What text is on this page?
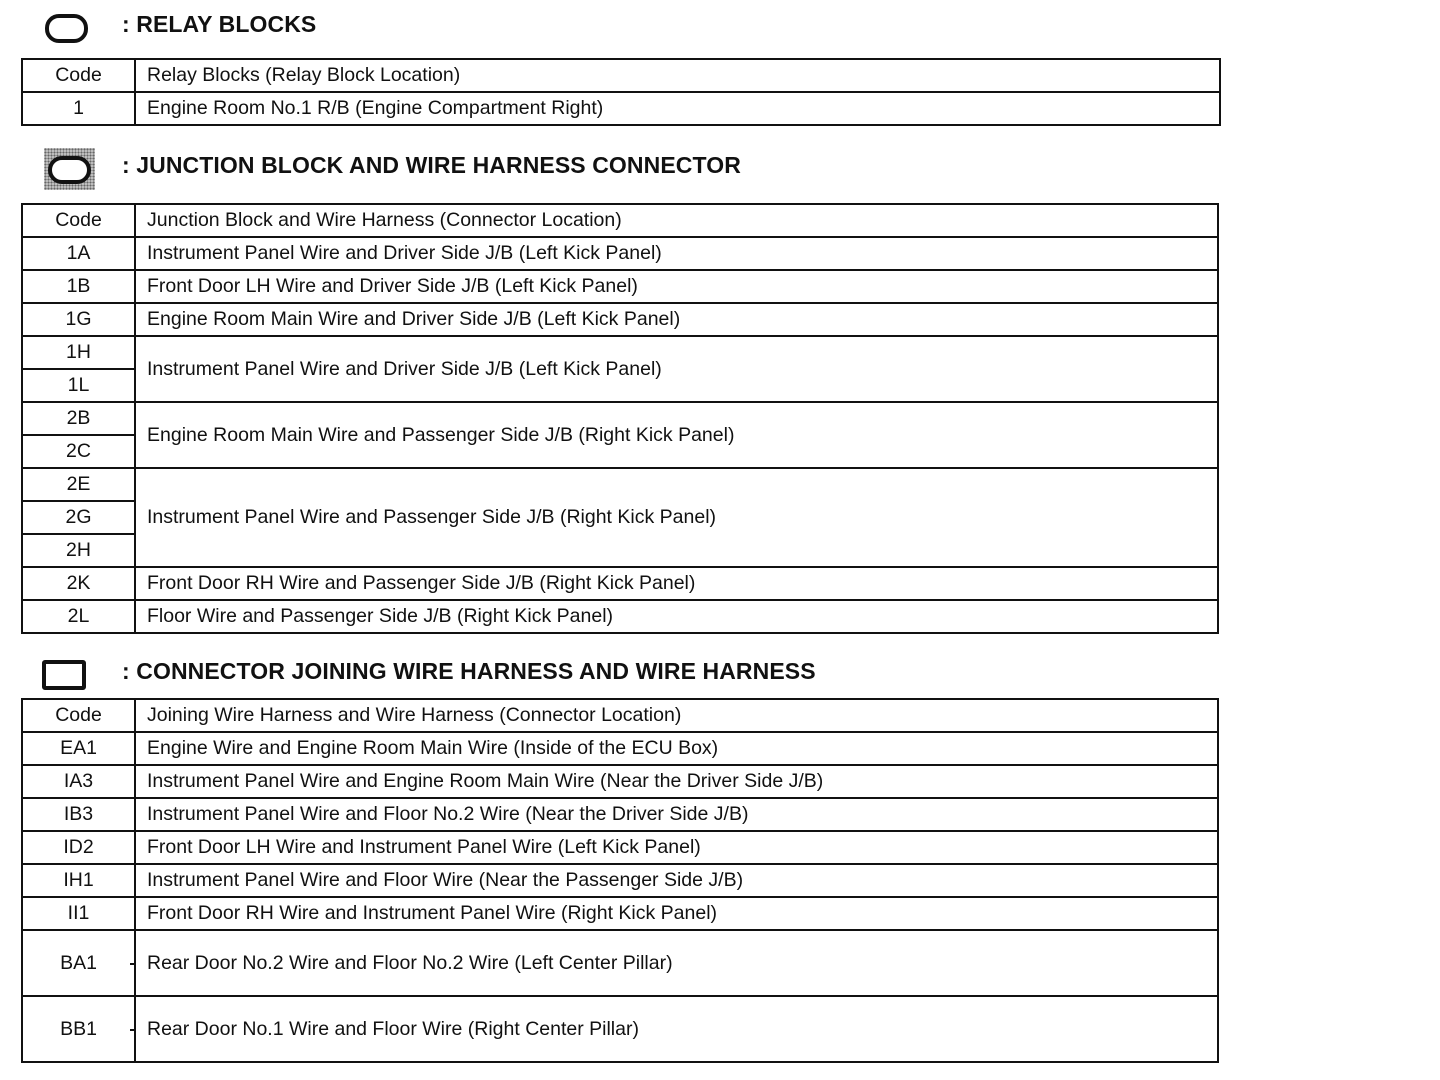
: RELAY BLOCKS
Code	Relay Blocks (Relay Block Location)
1	Engine Room No.1 R/B (Engine Compartment Right)
: JUNCTION BLOCK AND WIRE HARNESS CONNECTOR
Code	Junction Block and Wire Harness (Connector Location)
1A	Instrument Panel Wire and Driver Side J/B (Left Kick Panel)
1B	Front Door LH Wire and Driver Side J/B (Left Kick Panel)
1G	Engine Room Main Wire and Driver Side J/B (Left Kick Panel)
1H	Instrument Panel Wire and Driver Side J/B (Left Kick Panel)
1L	
2B	Engine Room Main Wire and Passenger Side J/B (Right Kick Panel)
2C	
2E	Instrument Panel Wire and Passenger Side J/B (Right Kick Panel)
2G	
2H	
2K	Front Door RH Wire and Passenger Side J/B (Right Kick Panel)
2L	Floor Wire and Passenger Side J/B (Right Kick Panel)
: CONNECTOR JOINING WIRE HARNESS AND WIRE HARNESS
Code	Joining Wire Harness and Wire Harness (Connector Location)
EA1	Engine Wire and Engine Room Main Wire (Inside of the ECU Box)
IA3	Instrument Panel Wire and Engine Room Main Wire (Near the Driver Side J/B)
IB3	Instrument Panel Wire and Floor No.2 Wire (Near the Driver Side J/B)
ID2	Front Door LH Wire and Instrument Panel Wire (Left Kick Panel)
IH1	Instrument Panel Wire and Floor Wire (Near the Passenger Side J/B)
II1	Front Door RH Wire and Instrument Panel Wire (Right Kick Panel)
BA1	Rear Door No.2 Wire and Floor No.2 Wire (Left Center Pillar)
BB1	Rear Door No.1 Wire and Floor Wire (Right Center Pillar)
